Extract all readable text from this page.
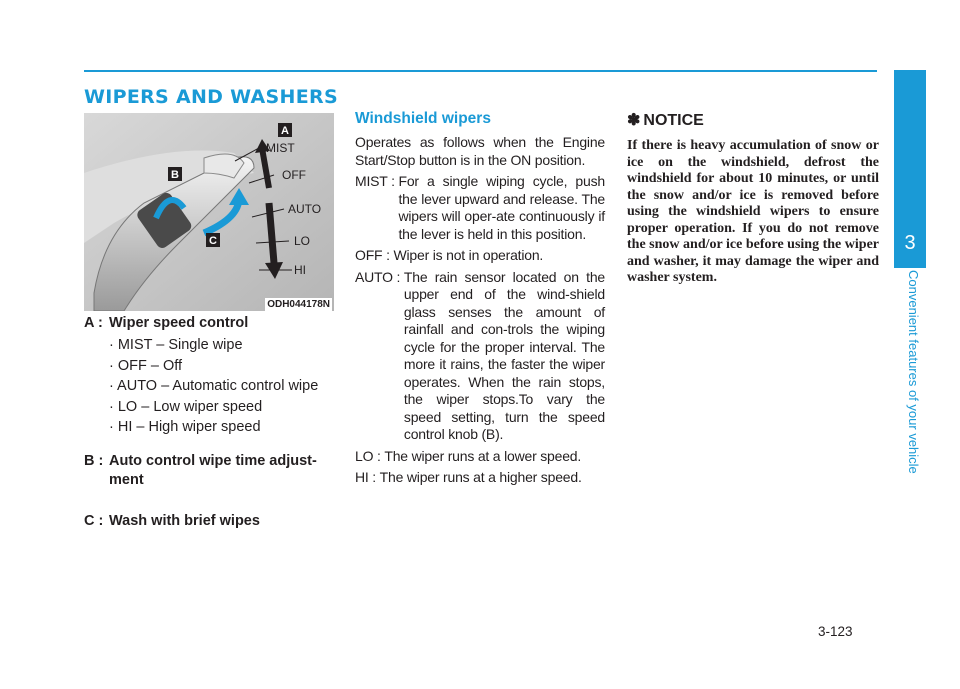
WIPERS AND WASHERS
A
B
C
MIST
OFF
AUTO
LO
HI
ODH044178N

A : Wiper speed control

· MIST – Single wipe
· OFF – Off
· AUTO – Automatic control wipe
· LO – Low wiper speed
· HI – High wiper speed

B : Auto control wipe time adjust-

ment

C : Wash with brief wipes

Windshield wipers

Operates as follows when the Engine Start/Stop button is in the ON position.

MIST : For a single wiping cycle, push the lever upward and release. The wipers will oper-ate continuously if the lever is held in this position.
OFF : Wiper is not in operation.
AUTO : The rain sensor located on the upper end of the wind-shield glass senses the amount of rainfall and con-trols the wiping cycle for the proper interval. The more it rains, the faster the wiper operates. When the rain stops, the wiper stops.To vary the speed setting, turn the speed control knob (B).
LO : The wiper runs at a lower speed.
HI : The wiper runs at a higher speed.
✽ NOTICE

If there is heavy accumulation of snow or ice on the windshield, defrost the windshield for about 10 minutes, or until the snow and/or ice is removed before using the windshield wipers to ensure proper operation. If you do not remove the snow and/or ice before using the wiper and washer, it may damage the wiper and washer system.

3
Convenient features of your vehicle
3-123
